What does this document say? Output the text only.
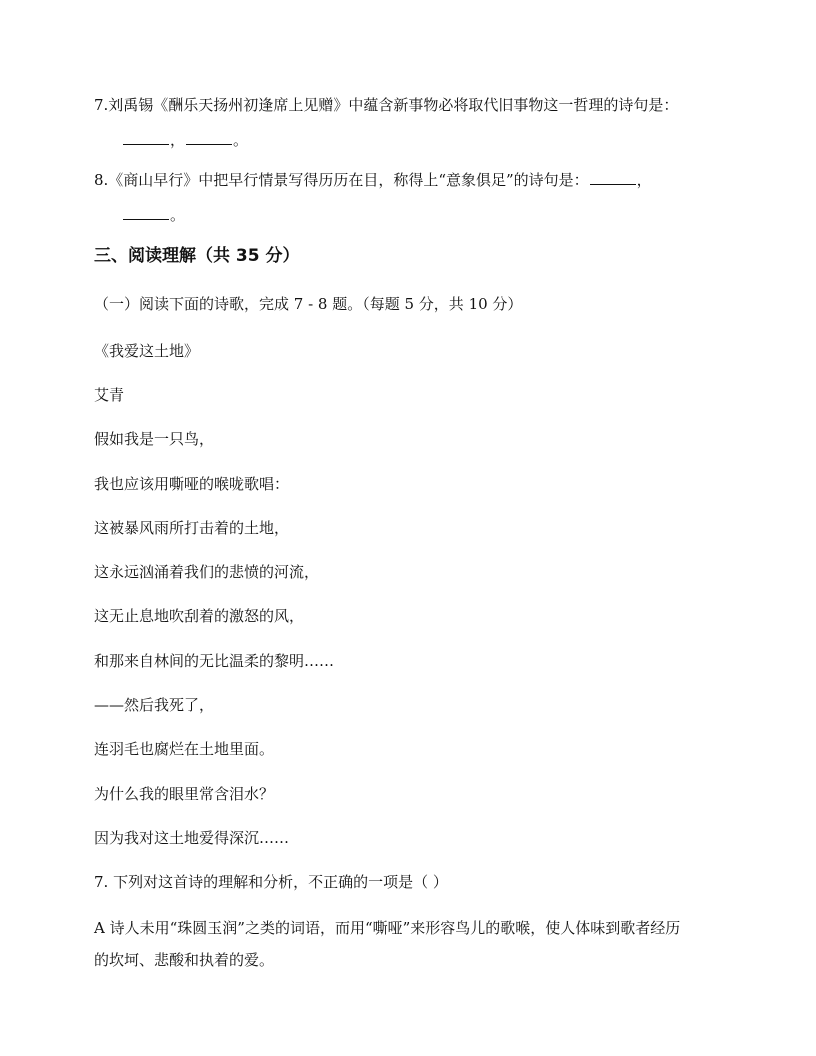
7.刘禹锡《酬乐天扬州初逢席上见赠》中蕴含新事物必将取代旧事物这一哲理的诗句是：
，	。
8.《商山早行》中把早行情景写得历历在目，称得上“意象俱足”的诗句是：	，
。
三、阅读理解（共 35 分）
（一）阅读下面的诗歌，完成 7 - 8 题。（每题 5 分，共 10 分）
《我爱这土地》
艾青
假如我是一只鸟，
我也应该用嘶哑的喉咙歌唱：
这被暴风雨所打击着的土地，
这永远汹涌着我们的悲愤的河流，
这无止息地吹刮着的激怒的风，
和那来自林间的无比温柔的黎明……
——然后我死了，
连羽毛也腐烂在土地里面。
为什么我的眼里常含泪水？
因为我对这土地爱得深沉……
7. 下列对这首诗的理解和分析，不正确的一项是（ ）
A 诗人未用“珠圆玉润”之类的词语，而用“嘶哑”来形容鸟儿的歌喉，使人体味到歌者经历
的坎坷、悲酸和执着的爱。
